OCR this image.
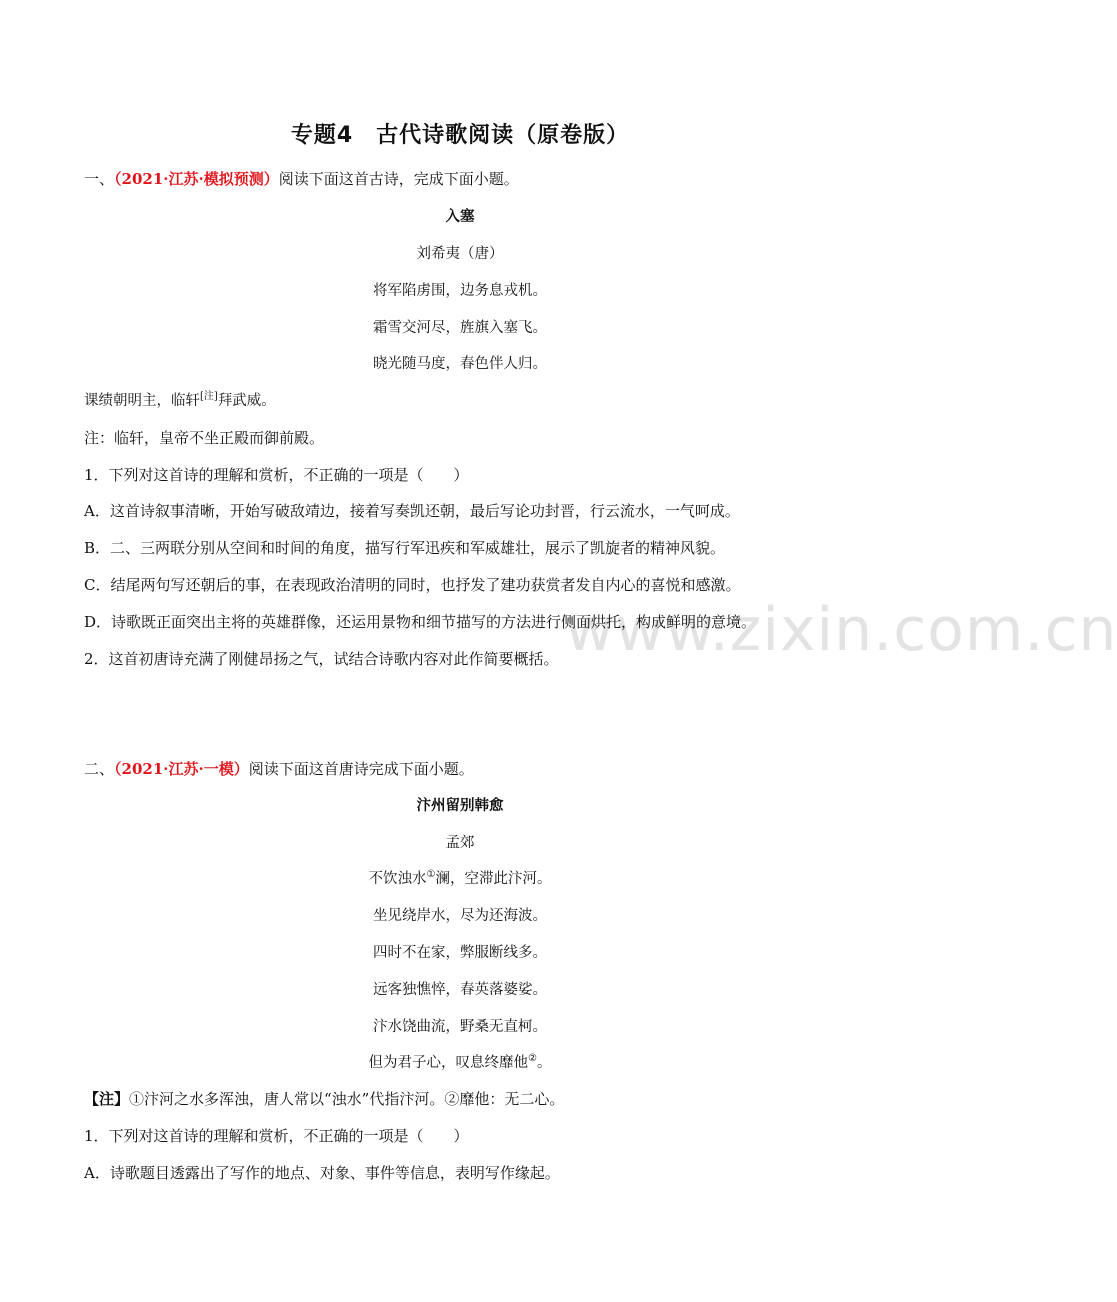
www.zixin.com.cn
专题4　古代诗歌阅读（原卷版）
一、（2021·江苏·模拟预测）阅读下面这首古诗，完成下面小题。
入塞
刘希夷（唐）
将军陷虏围，边务息戎机。
霜雪交河尽，旌旗入塞飞。
晓光随马度，春色伴人归。
课绩朝明主，临轩[注]拜武威。
注：临轩，皇帝不坐正殿而御前殿。
1．下列对这首诗的理解和赏析，不正确的一项是（　　）
A．这首诗叙事清晰，开始写破敌靖边，接着写奏凯还朝，最后写论功封晋，行云流水，一气呵成。
B．二、三两联分别从空间和时间的角度，描写行军迅疾和军威雄壮，展示了凯旋者的精神风貌。
C．结尾两句写还朝后的事，在表现政治清明的同时，也抒发了建功获赏者发自内心的喜悦和感激。
D．诗歌既正面突出主将的英雄群像，还运用景物和细节描写的方法进行侧面烘托，构成鲜明的意境。
2．这首初唐诗充满了刚健昂扬之气，试结合诗歌内容对此作简要概括。
二、（2021·江苏·一模）阅读下面这首唐诗完成下面小题。
汴州留别韩愈
孟郊
不饮浊水①澜，空滞此汴河。
坐见绕岸水，尽为还海波。
四时不在家，弊服断线多。
远客独憔悴，春英落婆娑。
汴水饶曲流，野桑无直柯。
但为君子心，叹息终靡他②。
【注】①汴河之水多浑浊，唐人常以“浊水”代指汴河。②靡他：无二心。
1．下列对这首诗的理解和赏析，不正确的一项是（　　）
A．诗歌题目透露出了写作的地点、对象、事件等信息，表明写作缘起。
